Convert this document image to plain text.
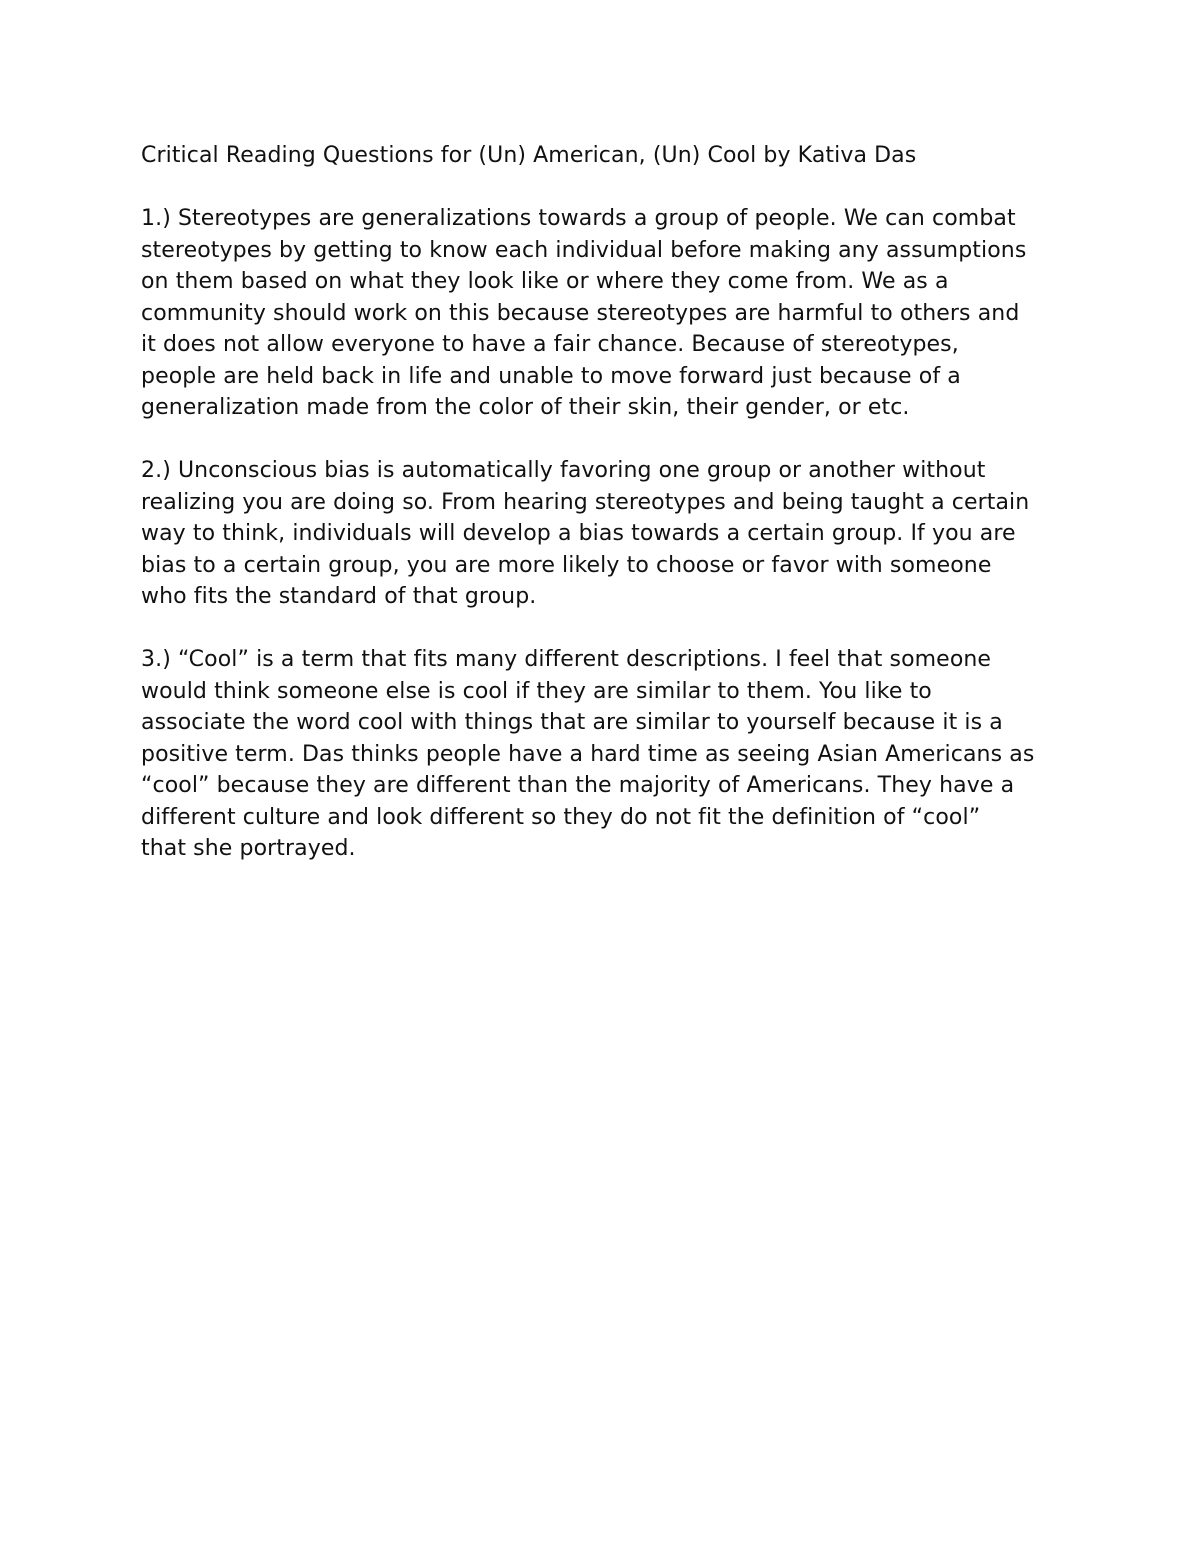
Critical Reading Questions for (Un) American, (Un) Cool by Kativa Das
1.) Stereotypes are generalizations towards a group of people. We can combat
stereotypes by getting to know each individual before making any assumptions
on them based on what they look like or where they come from. We as a
community should work on this because stereotypes are harmful to others and
it does not allow everyone to have a fair chance. Because of stereotypes,
people are held back in life and unable to move forward just because of a
generalization made from the color of their skin, their gender, or etc.
2.) Unconscious bias is automatically favoring one group or another without
realizing you are doing so. From hearing stereotypes and being taught a certain
way to think, individuals will develop a bias towards a certain group. If you are
bias to a certain group, you are more likely to choose or favor with someone
who fits the standard of that group.
3.) “Cool” is a term that fits many different descriptions. I feel that someone
would think someone else is cool if they are similar to them. You like to
associate the word cool with things that are similar to yourself because it is a
positive term. Das thinks people have a hard time as seeing Asian Americans as
“cool” because they are different than the majority of Americans. They have a
different culture and look different so they do not fit the definition of “cool”
that she portrayed.
